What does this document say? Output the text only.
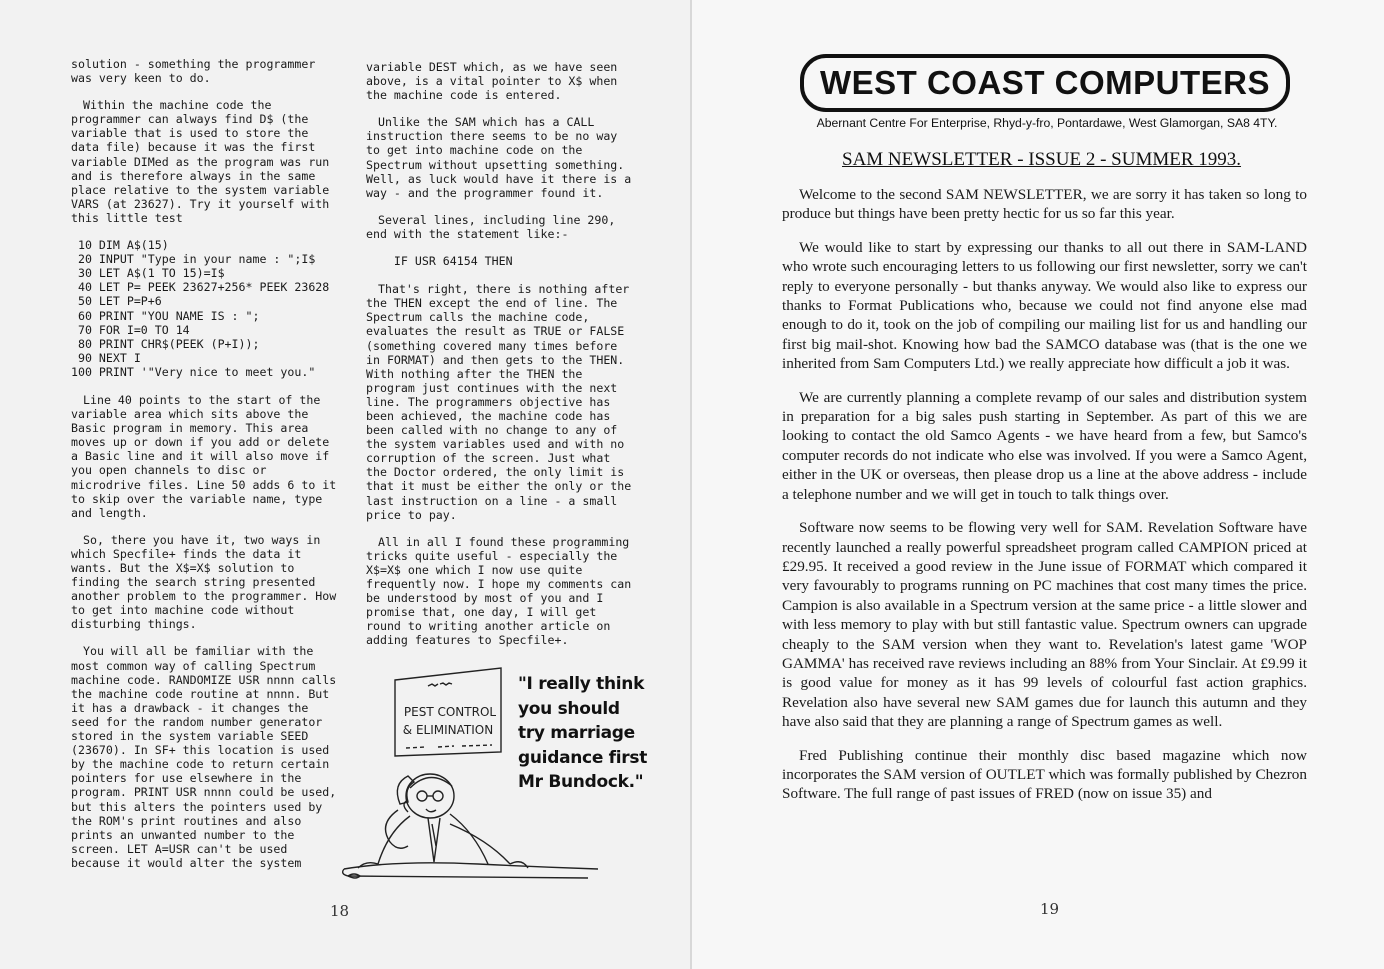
solution - something the programmer was very keen to do.

Within the machine code the programmer can always find D$ (the variable that is used to store the data file) because it was the first variable DIMed as the program was run and is therefore always in the same place relative to the system variable VARS (at 23627). Try it yourself with this little test

10 DIM A$(15)
20 INPUT "Type in your name : ";I$
30 LET A$(1 TO 15)=I$
40 LET P= PEEK 23627+256* PEEK 23628
50 LET P=P+6
60 PRINT "YOU NAME IS : ";
70 FOR I=0 TO 14
80 PRINT CHR$(PEEK (P+I));
90 NEXT I
100 PRINT '"Very nice to meet you."

Line 40 points to the start of the variable area which sits above the Basic program in memory. This area moves up or down if you add or delete a Basic line and it will also move if you open channels to disc or microdrive files. Line 50 adds 6 to it to skip over the variable name, type and length.

So, there you have it, two ways in which Specfile+ finds the data it wants. But the X$=X$ solution to finding the search string presented another problem to the programmer. How to get into machine code without disturbing things.

You will all be familiar with the most common way of calling Spectrum machine code. RANDOMIZE USR nnnn calls the machine code routine at nnnn. But it has a drawback - it changes the seed for the random number generator stored in the system variable SEED (23670). In SF+ this location is used by the machine code to return certain pointers for use elsewhere in the program. PRINT USR nnnn could be used, but this alters the pointers used by the ROM's print routines and also prints an unwanted number to the screen. LET A=USR can't be used because it would alter the system

variable DEST which, as we have seen above, is a vital pointer to X$ when the machine code is entered.

Unlike the SAM which has a CALL instruction there seems to be no way to get into machine code on the Spectrum without upsetting something. Well, as luck would have it there is a way - and the programmer found it.

Several lines, including line 290, end with the statement like:-

IF USR 64154 THEN

That's right, there is nothing after the THEN except the end of line. The Spectrum calls the machine code, evaluates the result as TRUE or FALSE (something covered many times before in FORMAT) and then gets to the THEN. With nothing after the THEN the program just continues with the next line. The programmers objective has been achieved, the machine code has been called with no change to any of the system variables used and with no corruption of the screen. Just what the Doctor ordered, the only limit is that it must be either the only or the last instruction on a line - a small price to pay.

All in all I found these programming tricks quite useful - especially the X$=X$ one which I now use quite frequently now. I hope my comments can be understood by most of you and I promise that, one day, I will get round to writing another article on adding features to Specfile+.

PEST CONTROL
& ELIMINATION
"I really think you should try marriage guidance first Mr Bundock."
18
WEST COAST COMPUTERS
Abernant Centre For Enterprise, Rhyd-y-fro, Pontardawe, West Glamorgan, SA8 4TY.
SAM NEWSLETTER - ISSUE 2 - SUMMER 1993.

Welcome to the second SAM NEWSLETTER, we are sorry it has taken so long to produce but things have been pretty hectic for us so far this year.

We would like to start by expressing our thanks to all out there in SAM-LAND who wrote such encouraging letters to us following our first newsletter, sorry we can't reply to everyone personally - but thanks anyway. We would also like to express our thanks to Format Publications who, because we could not find anyone else mad enough to do it, took on the job of compiling our mailing list for us and handling our first big mail-shot. Knowing how bad the SAMCO database was (that is the one we inherited from Sam Computers Ltd.) we really appreciate how difficult a job it was.

We are currently planning a complete revamp of our sales and distribution system in preparation for a big sales push starting in September. As part of this we are looking to contact the old Samco Agents - we have heard from a few, but Samco's computer records do not indicate who else was involved. If you were a Samco Agent, either in the UK or overseas, then please drop us a line at the above address - include a telephone number and we will get in touch to talk things over.

Software now seems to be flowing very well for SAM. Revelation Software have recently launched a really powerful spreadsheet program called CAMPION priced at £29.95. It received a good review in the June issue of FORMAT which compared it very favourably to programs running on PC machines that cost many times the price. Campion is also available in a Spectrum version at the same price - a little slower and with less memory to play with but still fantastic value. Spectrum owners can upgrade cheaply to the SAM version when they want to. Revelation's latest game 'WOP GAMMA' has received rave reviews including an 88% from Your Sinclair. At £9.99 it is good value for money as it has 99 levels of colourful fast action graphics. Revelation also have several new SAM games due for launch this autumn and they have also said that they are planning a range of Spectrum games as well.

Fred Publishing continue their monthly disc based magazine which now incorporates the SAM version of OUTLET which was formally published by Chezron Software. The full range of past issues of FRED (now on issue 35) and

19
